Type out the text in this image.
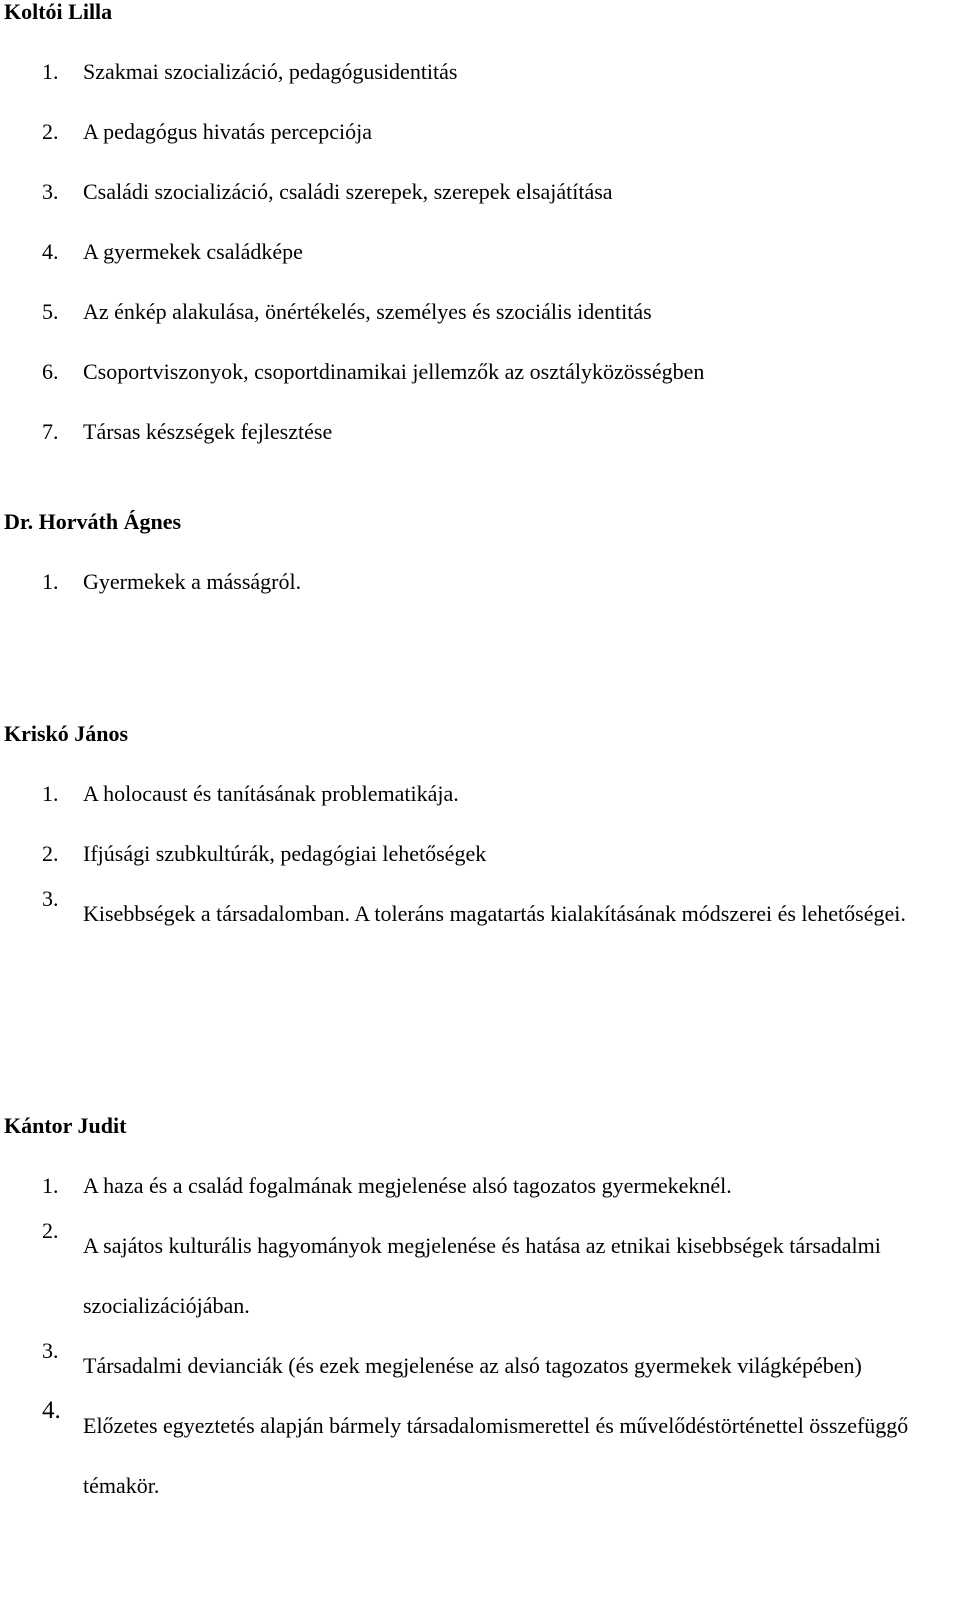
Koltói Lilla
1. Szakmai szocializáció, pedagógusidentitás
2. A pedagógus hivatás percepciója
3. Családi szocializáció, családi szerepek, szerepek elsajátítása
4. A gyermekek családképe
5. Az énkép alakulása, önértékelés, személyes és szociális identitás
6. Csoportviszonyok, csoportdinamikai jellemzők az osztályközösségben
7. Társas készségek fejlesztése
Dr. Horváth Ágnes
1. Gyermekek a másságról.
Kriskó János
1. A holocaust és tanításának problematikája.
2. Ifjúsági szubkultúrák, pedagógiai lehetőségek
3.
Kisebbségek a társadalomban. A toleráns magatartás kialakításának módszerei és lehetőségei.
Kántor Judit
1. A haza és a család fogalmának megjelenése alsó tagozatos gyermekeknél.
2.
A sajátos kulturális hagyományok megjelenése és hatása az etnikai kisebbségek társadalmi szocializációjában.
3.
Társadalmi devianciák (és ezek megjelenése az alsó tagozatos gyermekek világképében)
4.
Előzetes egyeztetés alapján bármely társadalomismerettel és művelődéstörténettel összefüggő témakör.
